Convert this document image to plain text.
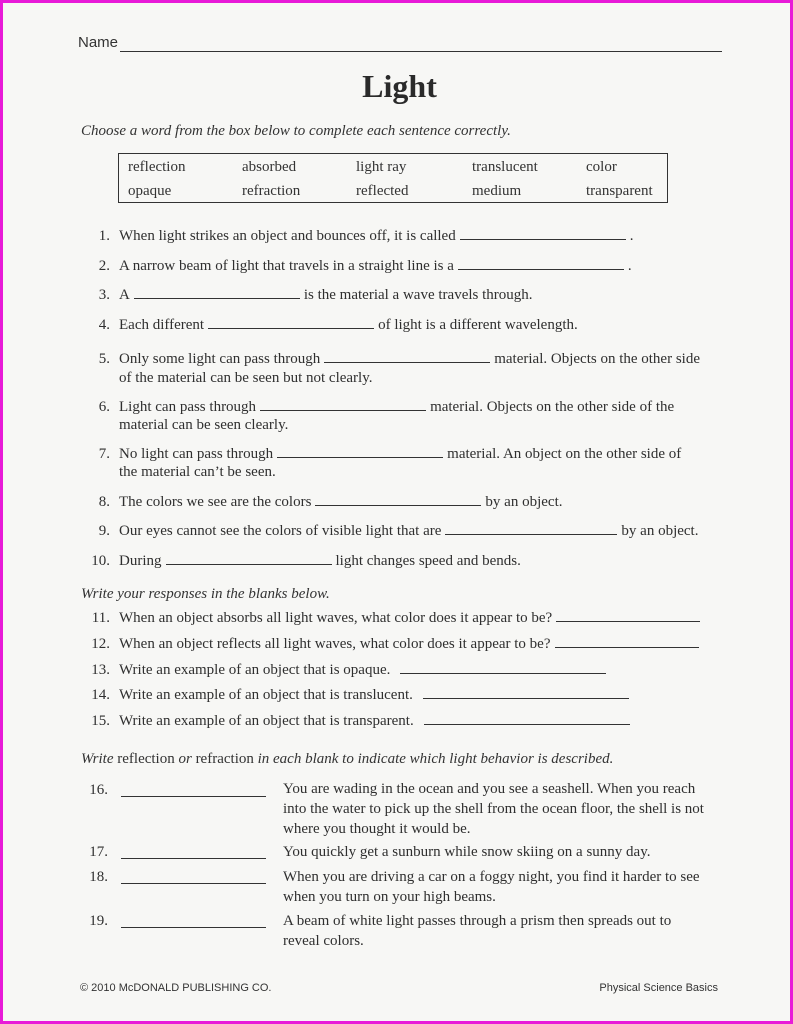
Name
Light
Choose a word from the box below to complete each sentence correctly.
reflection	absorbed	light ray	translucent	color
opaque	refraction	reflected	medium	transparent
1. When light strikes an object and bounces off, it is called	.
2. A narrow beam of light that travels in a straight line is a	.
3. A	is the material a wave travels through.
4. Each different	of light is a different wavelength.
5. Only some light can pass through	material. Objects on the other side
of the material can be seen but not clearly.
6. Light can pass through	material. Objects on the other side of the
material can be seen clearly.
7. No light can pass through	material. An object on the other side of
the material can’t be seen.
8. The colors we see are the colors	by an object.
9. Our eyes cannot see the colors of visible light that are	by an object.
10. During	light changes speed and bends.
Write your responses in the blanks below.
11. When an object absorbs all light waves, what color does it appear to be?
12. When an object reflects all light waves, what color does it appear to be?
13. Write an example of an object that is opaque.
14. Write an example of an object that is translucent.
15. Write an example of an object that is transparent.
Write reflection or refraction in each blank to indicate which light behavior is described.
16.	You are wading in the ocean and you see a seashell. When you reach
into the water to pick up the shell from the ocean floor, the shell is not
where you thought it would be.
17.	You quickly get a sunburn while snow skiing on a sunny day.
18.	When you are driving a car on a foggy night, you find it harder to see
when you turn on your high beams.
19.	A beam of white light passes through a prism then spreads out to
reveal colors.
© 2010 McDONALD PUBLISHING CO.	Physical Science Basics
